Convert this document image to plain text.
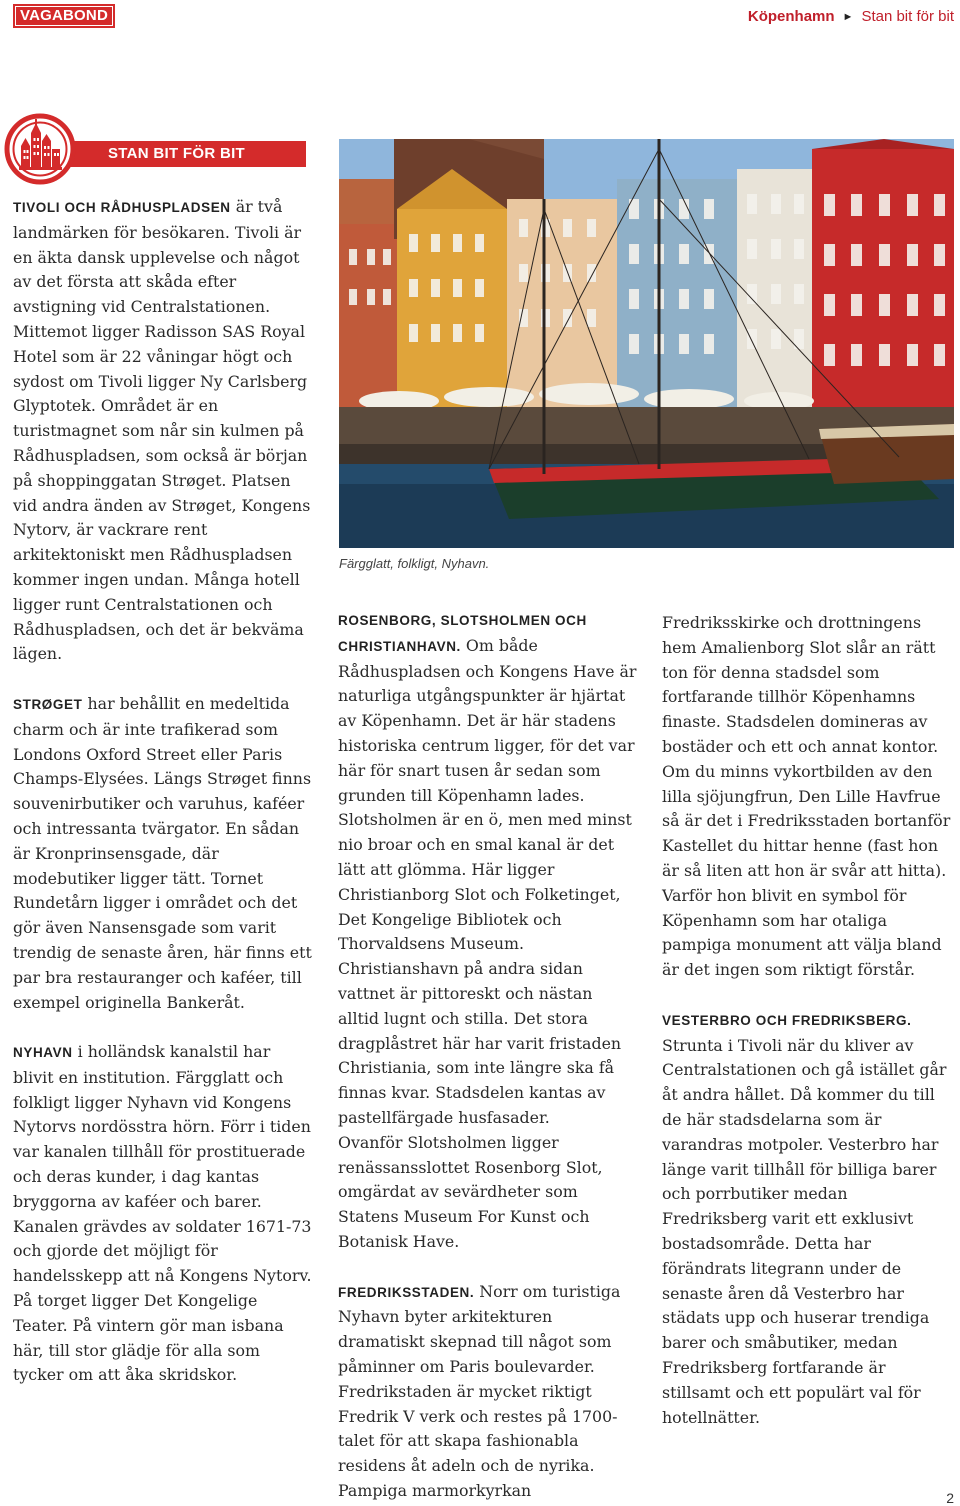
VAGABOND	Köpenhamn ► Stan bit för bit
STAN BIT FÖR BIT
Färgglatt, folkligt, Nyhavn.

TIVOLI OCH RÅDHUSPLADSEN är två landmärken för besökaren. Tivoli är en äkta dansk upplevelse och något av det första att skåda efter avstigning vid Centralstationen. Mittemot ligger Radisson SAS Royal Hotel som är 22 våningar högt och sydost om Tivoli ligger Ny Carlsberg Glyptotek. Området är en turistmagnet som når sin kulmen på Rådhuspladsen, som också är början på shoppinggatan Strøget. Platsen vid andra änden av Strøget, Kongens Nytorv, är vackrare rent arkitektoniskt men Rådhuspladsen kommer ingen undan. Många hotell ligger runt Centralstationen och Rådhuspladsen, och det är bekväma lägen.

STRØGET har behållit en medeltida charm och är inte trafikerad som Londons Oxford Street eller Paris Champs-Elysées. Längs Strøget finns souvenirbutiker och varuhus, kaféer och intressanta tvärgator. En sådan är Kronprinsensgade, där modebutiker ligger tätt. Tornet Rundetårn ligger i området och det gör även Nansensgade som varit trendig de senaste åren, här finns ett par bra restauranger och kaféer, till exempel originella Bankeråt.

NYHAVN i holländsk kanalstil har blivit en institution. Färgglatt och folkligt ligger Nyhavn vid Kongens Nytorvs nordösstra hörn. Förr i tiden var kanalen tillhåll för prostituerade och deras kunder, i dag kantas bryggorna av kaféer och barer. Kanalen grävdes av soldater 1671-73 och gjorde det möjligt för handelsskepp att nå Kongens Nytorv. På torget ligger Det Kongelige Teater. På vintern gör man isbana här, till stor glädje för alla som tycker om att åka skridskor.

ROSENBORG, SLOTSHOLMEN OCH CHRISTIANHAVN. Om både Rådhuspladsen och Kongens Have är naturliga utgångspunkter är hjärtat av Köpenhamn. Det är här stadens historiska centrum ligger, för det var här för snart tusen år sedan som grunden till Köpenhamn lades. Slotsholmen är en ö, men med minst nio broar och en smal kanal är det lätt att glömma. Här ligger Christianborg Slot och Folketinget, Det Kongelige Bibliotek och Thorvaldsens Museum. Christianshavn på andra sidan vattnet är pittoreskt och nästan alltid lugnt och stilla. Det stora dragplåstret här har varit fristaden Christiania, som inte längre ska få finnas kvar. Stadsdelen kantas av pastellfärgade husfasader.

Ovanför Slotsholmen ligger renässansslottet Rosenborg Slot, omgärdat av sevärdheter som Statens Museum For Kunst och Botanisk Have.

FREDRIKSSTADEN. Norr om turistiga Nyhavn byter arkitekturen dramatiskt skepnad till något som påminner om Paris boulevarder. Fredrikstaden är mycket riktigt Fredrik V verk och restes på 1700-talet för att skapa fashionabla residens åt adeln och de nyrika. Pampiga marmorkyrkan

Fredriksskirke och drottningens hem Amalienborg Slot slår an rätt ton för denna stadsdel som fortfarande tillhör Köpenhamns finaste. Stadsdelen domineras av bostäder och ett och annat kontor.

Om du minns vykortbilden av den lilla sjöjungfrun, Den Lille Havfrue så är det i Fredriksstaden bortanför Kastellet du hittar henne (fast hon är så liten att hon är svår att hitta). Varför hon blivit en symbol för Köpenhamn som har otaliga pampiga monument att välja bland är det ingen som riktigt förstår.

VESTERBRO OCH FREDRIKSBERG. Strunta i Tivoli när du kliver av Centralstationen och gå istället går åt andra hållet. Då kommer du till de här stadsdelarna som är varandras motpoler. Vesterbro har länge varit tillhåll för billiga barer och porrbutiker medan Fredriksberg varit ett exklusivt bostadsområde. Detta har förändrats litegrann under de senaste åren då Vesterbro har städats upp och huserar trendiga barer och småbutiker, medan Fredriksberg fortfarande är stillsamt och ett populärt val för hotellnätter.

2
